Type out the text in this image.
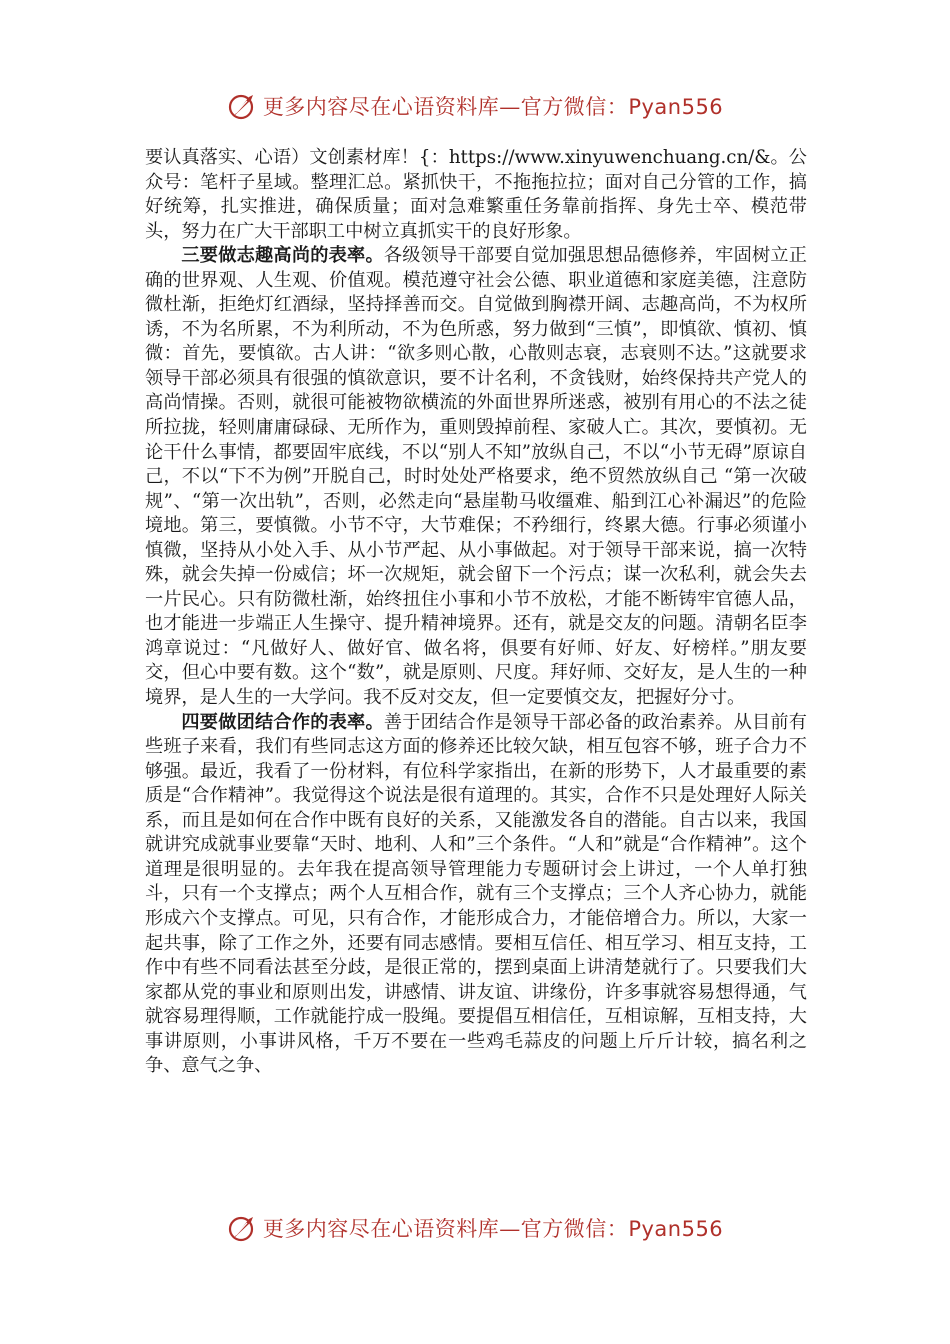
更多内容尽在心语资料库—官方微信：Pyan556

要认真落实、心语）文创素材库！{：https://www.xinyuwenchuang.cn/&。公众号：笔杆子星域。整理汇总。紧抓快干，不拖拖拉拉；面对自己分管的工作，搞好统筹，扎实推进，确保质量；面对急难繁重任务靠前指挥、身先士卒、模范带头，努力在广大干部职工中树立真抓实干的良好形象。

三要做志趣高尚的表率。各级领导干部要自觉加强思想品德修养，牢固树立正确的世界观、人生观、价值观。模范遵守社会公德、职业道德和家庭美德，注意防微杜渐，拒绝灯红酒绿，坚持择善而交。自觉做到胸襟开阔、志趣高尚，不为权所诱，不为名所累，不为利所动，不为色所惑，努力做到“三慎”，即慎欲、慎初、慎微：首先，要慎欲。古人讲：“欲多则心散，心散则志衰，志衰则不达。”这就要求领导干部必须具有很强的慎欲意识，要不计名利，不贪钱财，始终保持共产党人的高尚情操。否则，就很可能被物欲横流的外面世界所迷惑，被别有用心的不法之徒所拉拢，轻则庸庸碌碌、无所作为，重则毁掉前程、家破人亡。其次，要慎初。无论干什么事情，都要固牢底线，不以“别人不知”放纵自己，不以“小节无碍”原谅自己，不以“下不为例”开脱自己，时时处处严格要求，绝不贸然放纵自己 “第一次破规”、“第一次出轨”，否则，必然走向“悬崖勒马收缰难、船到江心补漏迟”的危险境地。第三，要慎微。小节不守，大节难保；不矜细行，终累大德。行事必须谨小慎微，坚持从小处入手、从小节严起、从小事做起。对于领导干部来说，搞一次特殊，就会失掉一份威信；坏一次规矩，就会留下一个污点；谋一次私利，就会失去一片民心。只有防微杜渐，始终扭住小事和小节不放松，才能不断铸牢官德人品，也才能进一步端正人生操守、提升精神境界。还有，就是交友的问题。清朝名臣李鸿章说过：“凡做好人、做好官、做名将，俱要有好师、好友、好榜样。”朋友要交，但心中要有数。这个“数”，就是原则、尺度。拜好师、交好友，是人生的一种境界，是人生的一大学问。我不反对交友，但一定要慎交友，把握好分寸。

四要做团结合作的表率。善于团结合作是领导干部必备的政治素养。从目前有些班子来看，我们有些同志这方面的修养还比较欠缺，相互包容不够，班子合力不够强。最近，我看了一份材料，有位科学家指出，在新的形势下，人才最重要的素质是“合作精神”。我觉得这个说法是很有道理的。其实，合作不只是处理好人际关系，而且是如何在合作中既有良好的关系，又能激发各自的潜能。自古以来，我国就讲究成就事业要靠“天时、地利、人和”三个条件。“人和”就是“合作精神”。这个道理是很明显的。去年我在提高领导管理能力专题研讨会上讲过，一个人单打独斗，只有一个支撑点；两个人互相合作，就有三个支撑点；三个人齐心协力，就能形成六个支撑点。可见，只有合作，才能形成合力，才能倍增合力。所以，大家一起共事，除了工作之外，还要有同志感情。要相互信任、相互学习、相互支持，工作中有些不同看法甚至分歧，是很正常的，摆到桌面上讲清楚就行了。只要我们大家都从党的事业和原则出发，讲感情、讲友谊、讲缘份，许多事就容易想得通，气就容易理得顺，工作就能拧成一股绳。要提倡互相信任，互相谅解，互相支持，大事讲原则，小事讲风格，千万不要在一些鸡毛蒜皮的问题上斤斤计较，搞名利之争、意气之争、

更多内容尽在心语资料库—官方微信：Pyan556
